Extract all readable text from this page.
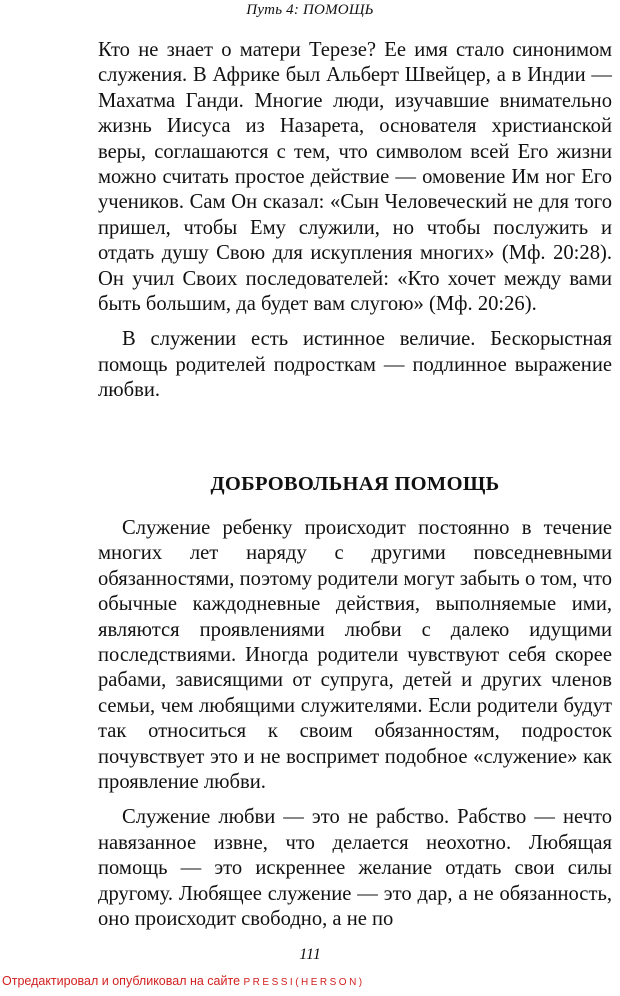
Путь 4: ПОМОЩЬ

Кто не знает о матери Терезе? Ее имя стало синонимом служения. В Африке был Альберт Швейцер, а в Индии — Махатма Ганди. Многие люди, изучавшие внимательно жизнь Иисуса из Назарета, основателя христианской веры, соглашаются с тем, что символом всей Его жизни можно считать простое действие — омовение Им ног Его учеников. Сам Он сказал: «Сын Человеческий не для того пришел, чтобы Ему служили, но чтобы послужить и отдать душу Свою для искупления многих» (Мф. 20:28). Он учил Своих последователей: «Кто хочет между вами быть большим, да будет вам слугою» (Мф. 20:26).

В служении есть истинное величие. Бескорыстная помощь родителей подросткам — подлинное выражение любви.

ДОБРОВОЛЬНАЯ ПОМОЩЬ

Служение ребенку происходит постоянно в течение многих лет наряду с другими повседневными обязанностями, поэтому родители могут забыть о том, что обычные каждодневные действия, выполняемые ими, являются проявлениями любви с далеко идущими последствиями. Иногда родители чувствуют себя скорее рабами, зависящими от супруга, детей и других членов семьи, чем любящими служителями. Если родители будут так относиться к своим обязанностям, подросток почувствует это и не воспримет подобное «служение» как проявление любви.

Служение любви — это не рабство. Рабство — нечто навязанное извне, что делается неохотно. Любящая помощь — это искреннее желание отдать свои силы другому. Любящее служение — это дар, а не обязанность, оно происходит свободно, а не по

111
Отредактировал и опубликовал на сайте PRESSI(HERSON)
